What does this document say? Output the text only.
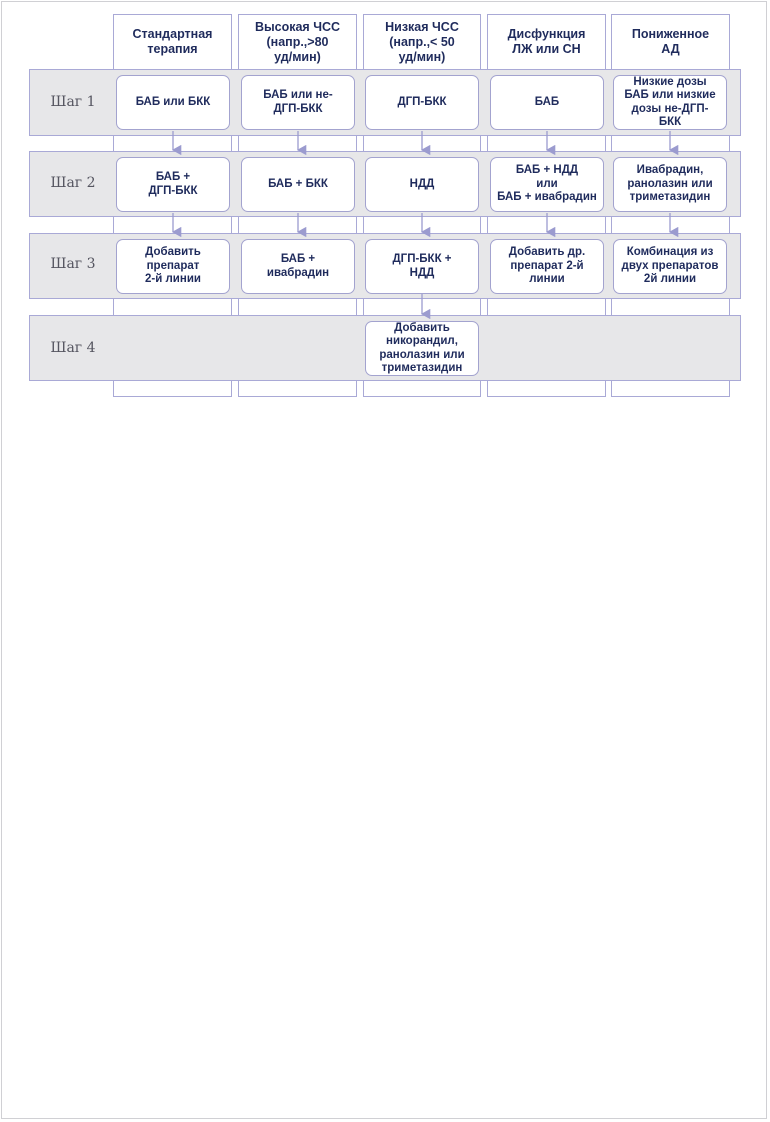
Стандартная
терапия
Высокая ЧСС
(напр.,>80
уд/мин)
Низкая ЧСС
(напр.,< 50
уд/мин)
Дисфункция
ЛЖ или СН
Пониженное
АД
Шаг 1
Шаг 2
Шаг 3
Шаг 4
БАБ или БКК
БАБ или не-
ДГП-БКК
ДГП-БКК	БАБ
Низкие дозы
БАБ или низкие
дозы не-ДГП-
БКК
БАБ +
ДГП-БКК
БАБ + БКК	НДД
БАБ + НДД
или
БАБ + ивабрадин
Ивабрадин,
ранолазин или
триметазидин
Добавить
препарат
2-й линии
БАБ +
ивабрадин
ДГП-БКК +
НДД
Добавить др.
препарат 2-й
линии
Комбинация из
двух препаратов
2й линии
Добавить
никорандил,
ранолазин или
триметазидин
